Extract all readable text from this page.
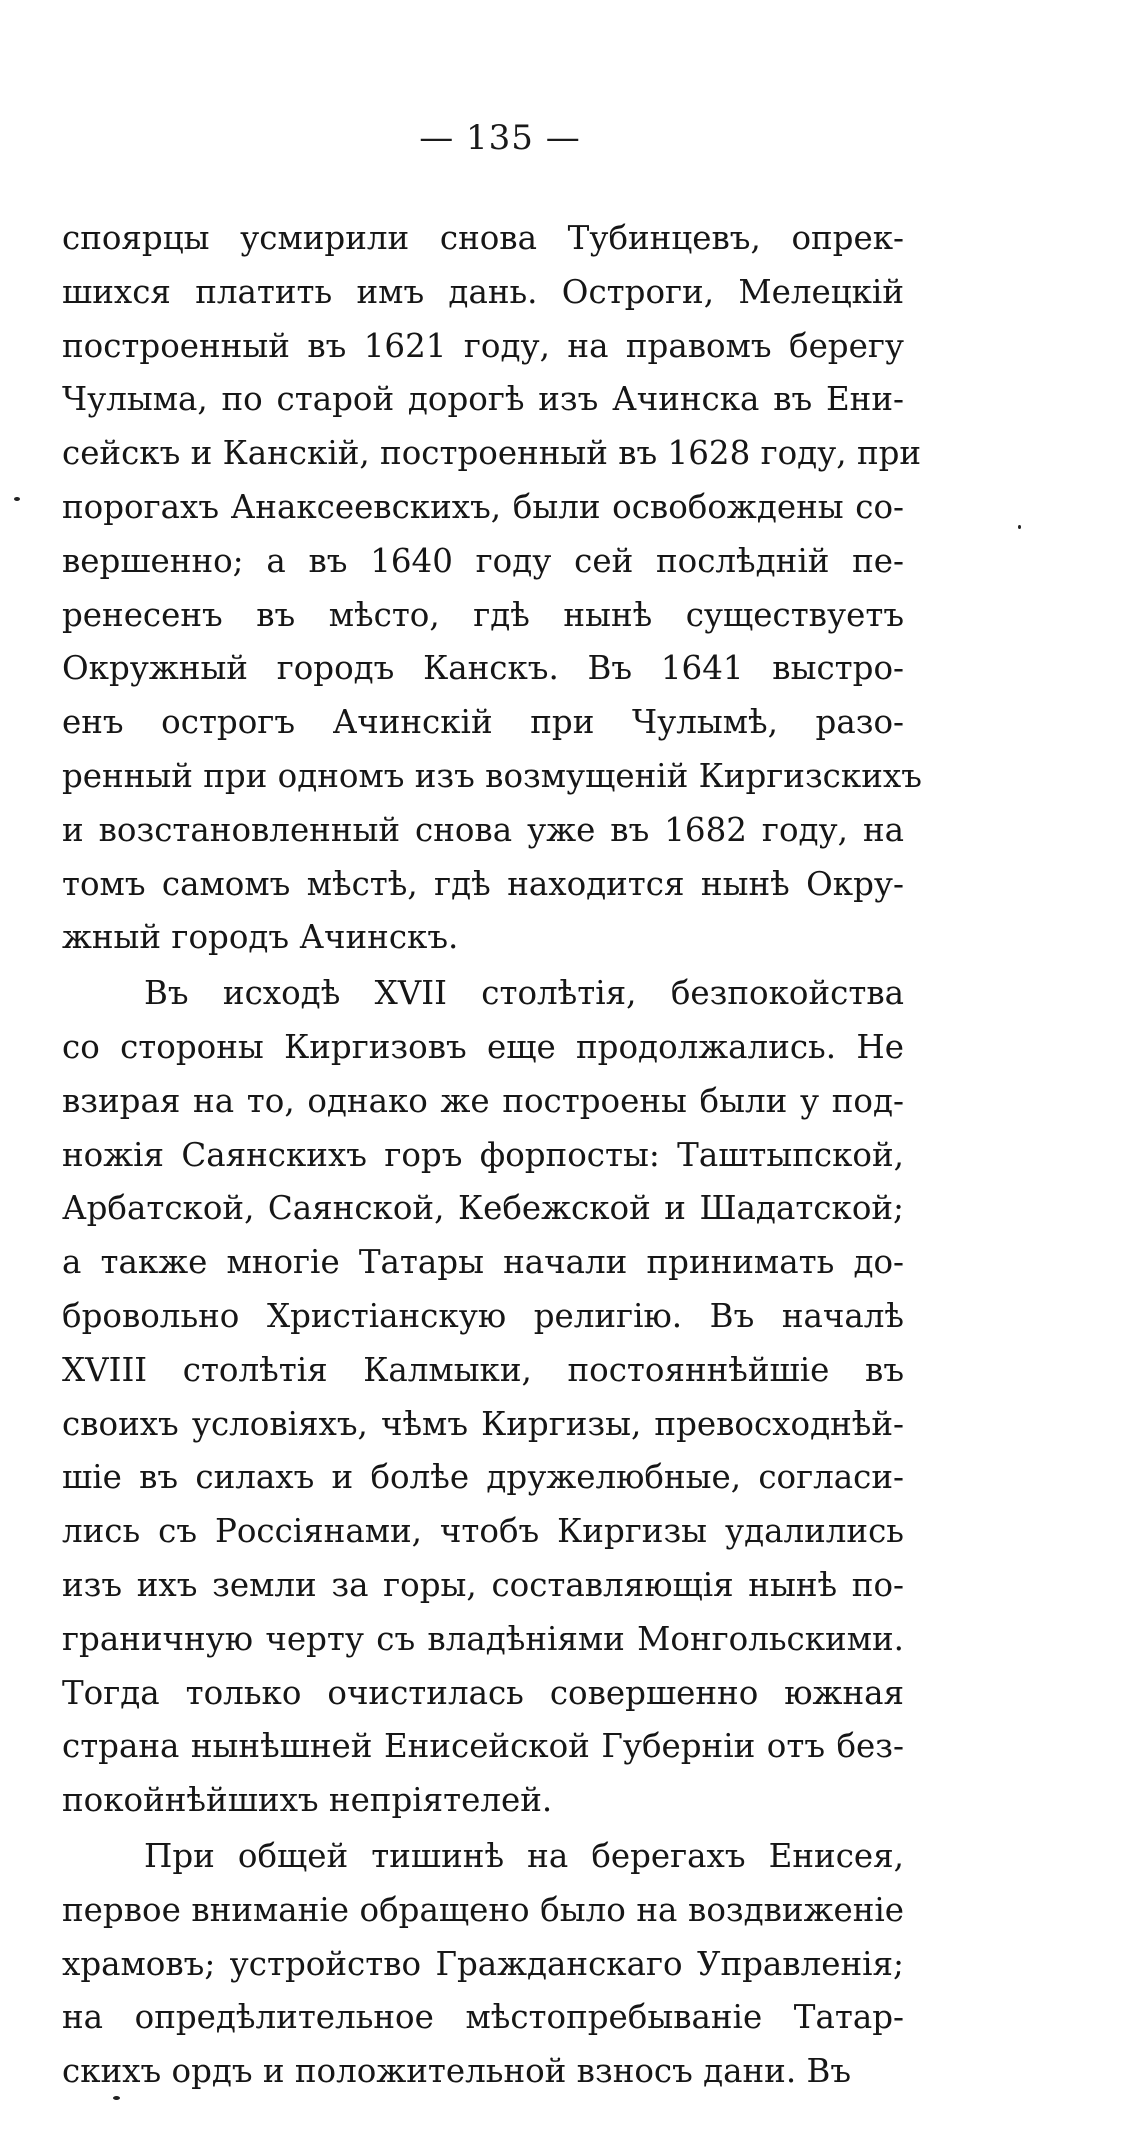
— 135 —
споярцы усмирили снова Тубинцевъ, опрек-
шихся платить имъ дань. Остроги, Мелецкій
построенный въ 1621 году, на правомъ берегу
Чулыма, по старой дорогѣ изъ Ачинска въ Ени-
сейскъ и Канскій, построенный въ 1628 году, при
порогахъ Анаксеевскихъ, были освобождены со-
вершенно; а въ 1640 году сей послѣдній пе-
ренесенъ въ мѣсто, гдѣ нынѣ существуетъ
Окружный городъ Канскъ. Въ 1641 выстро-
енъ острогъ Ачинскій при Чулымѣ, разо-
ренный при одномъ изъ возмущеній Киргизскихъ
и возстановленный снова уже въ 1682 году, на
томъ самомъ мѣстѣ, гдѣ находится нынѣ Окру-
жный городъ Ачинскъ.
Въ исходѣ XVII столѣтія, безпокойства
со стороны Киргизовъ еще продолжались. Не
взирая на то, однако же построены были у под-
ножія Саянскихъ горъ форпосты: Таштыпской,
Арбатской, Саянской, Кебежской и Шадатской;
а также многіе Татары начали принимать до-
бровольно Христіанскую религію. Въ началѣ
XVIII столѣтія Калмыки, постояннѣйшіе въ
своихъ условіяхъ, чѣмъ Киргизы, превосходнѣй-
шіе въ силахъ и болѣе дружелюбные, согласи-
лись съ Россіянами, чтобъ Киргизы удалились
изъ ихъ земли за горы, составляющія нынѣ по-
граничную черту съ владѣніями Монгольскими.
Тогда только очистилась совершенно южная
страна нынѣшней Енисейской Губерніи отъ без-
покойнѣйшихъ непріятелей.
При общей тишинѣ на берегахъ Енисея,
первое вниманіе обращено было на воздвиженіе
храмовъ; устройство Гражданскаго Управленія;
на опредѣлительное мѣстопребываніе Татар-
скихъ ордъ и положительной взносъ дани. Въ
